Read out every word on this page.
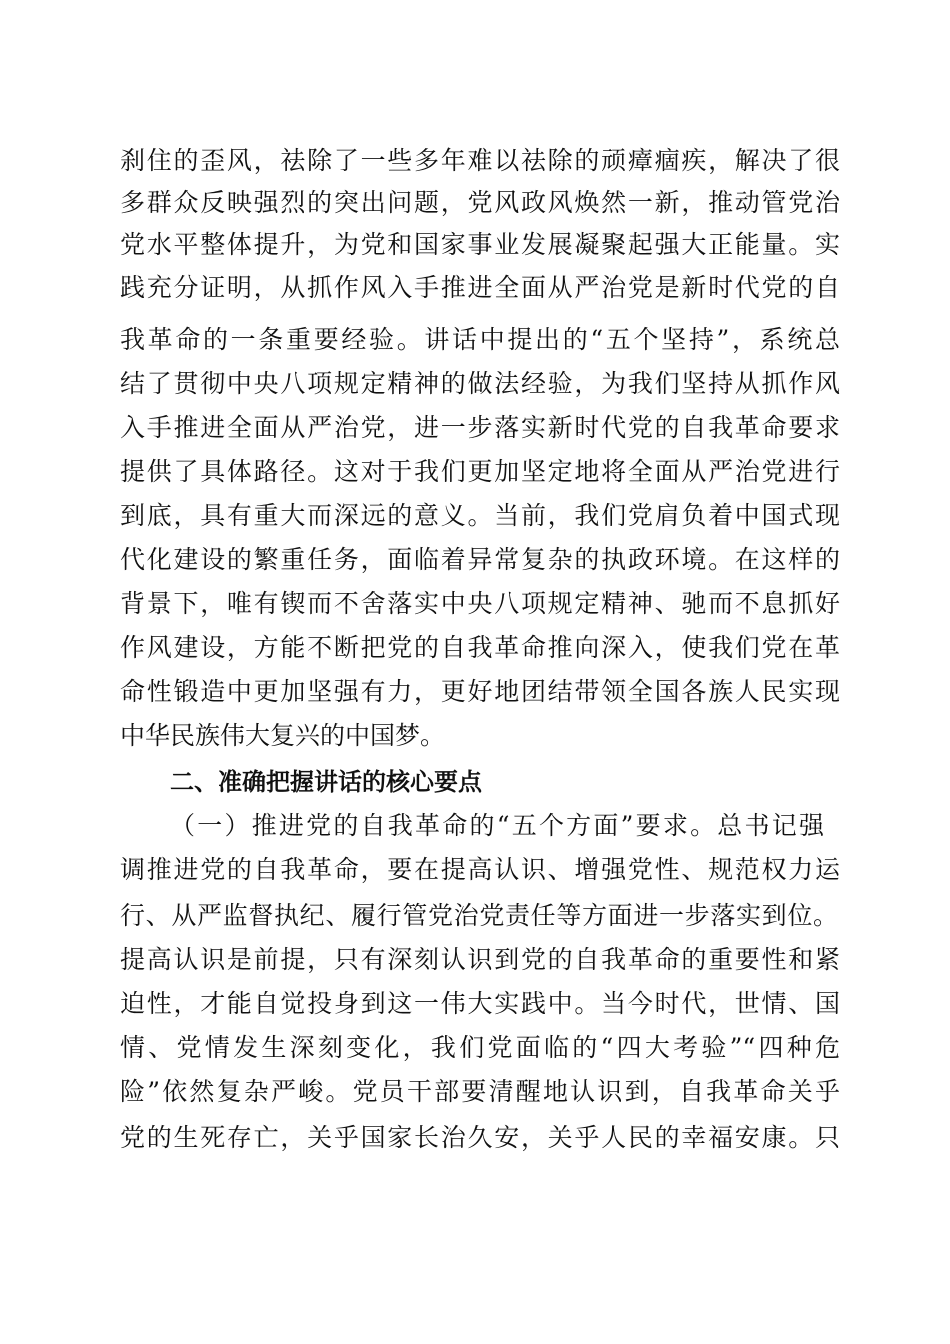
刹住的歪风，祛除了一些多年难以祛除的顽瘴痼疾，解决了很

多群众反映强烈的突出问题，党风政风焕然一新，推动管党治

党水平整体提升，为党和国家事业发展凝聚起强大正能量。实

践充分证明，从抓作风入手推进全面从严治党是新时代党的自

我革命的一条重要经验。讲话中提出的“五个坚持”，系统总

结了贯彻中央八项规定精神的做法经验，为我们坚持从抓作风

入手推进全面从严治党，进一步落实新时代党的自我革命要求

提供了具体路径。这对于我们更加坚定地将全面从严治党进行

到底，具有重大而深远的意义。当前，我们党肩负着中国式现

代化建设的繁重任务，面临着异常复杂的执政环境。在这样的

背景下，唯有锲而不舍落实中央八项规定精神、驰而不息抓好

作风建设，方能不断把党的自我革命推向深入，使我们党在革

命性锻造中更加坚强有力，更好地团结带领全国各族人民实现

中华民族伟大复兴的中国梦。

二、准确把握讲话的核心要点

（一）推进党的自我革命的“五个方面”要求。总书记强

调推进党的自我革命，要在提高认识、增强党性、规范权力运

行、从严监督执纪、履行管党治党责任等方面进一步落实到位。

提高认识是前提，只有深刻认识到党的自我革命的重要性和紧

迫性，才能自觉投身到这一伟大实践中。当今时代，世情、国

情、党情发生深刻变化，我们党面临的“四大考验”“四种危

险”依然复杂严峻。党员干部要清醒地认识到，自我革命关乎

党的生死存亡，关乎国家长治久安，关乎人民的幸福安康。只
